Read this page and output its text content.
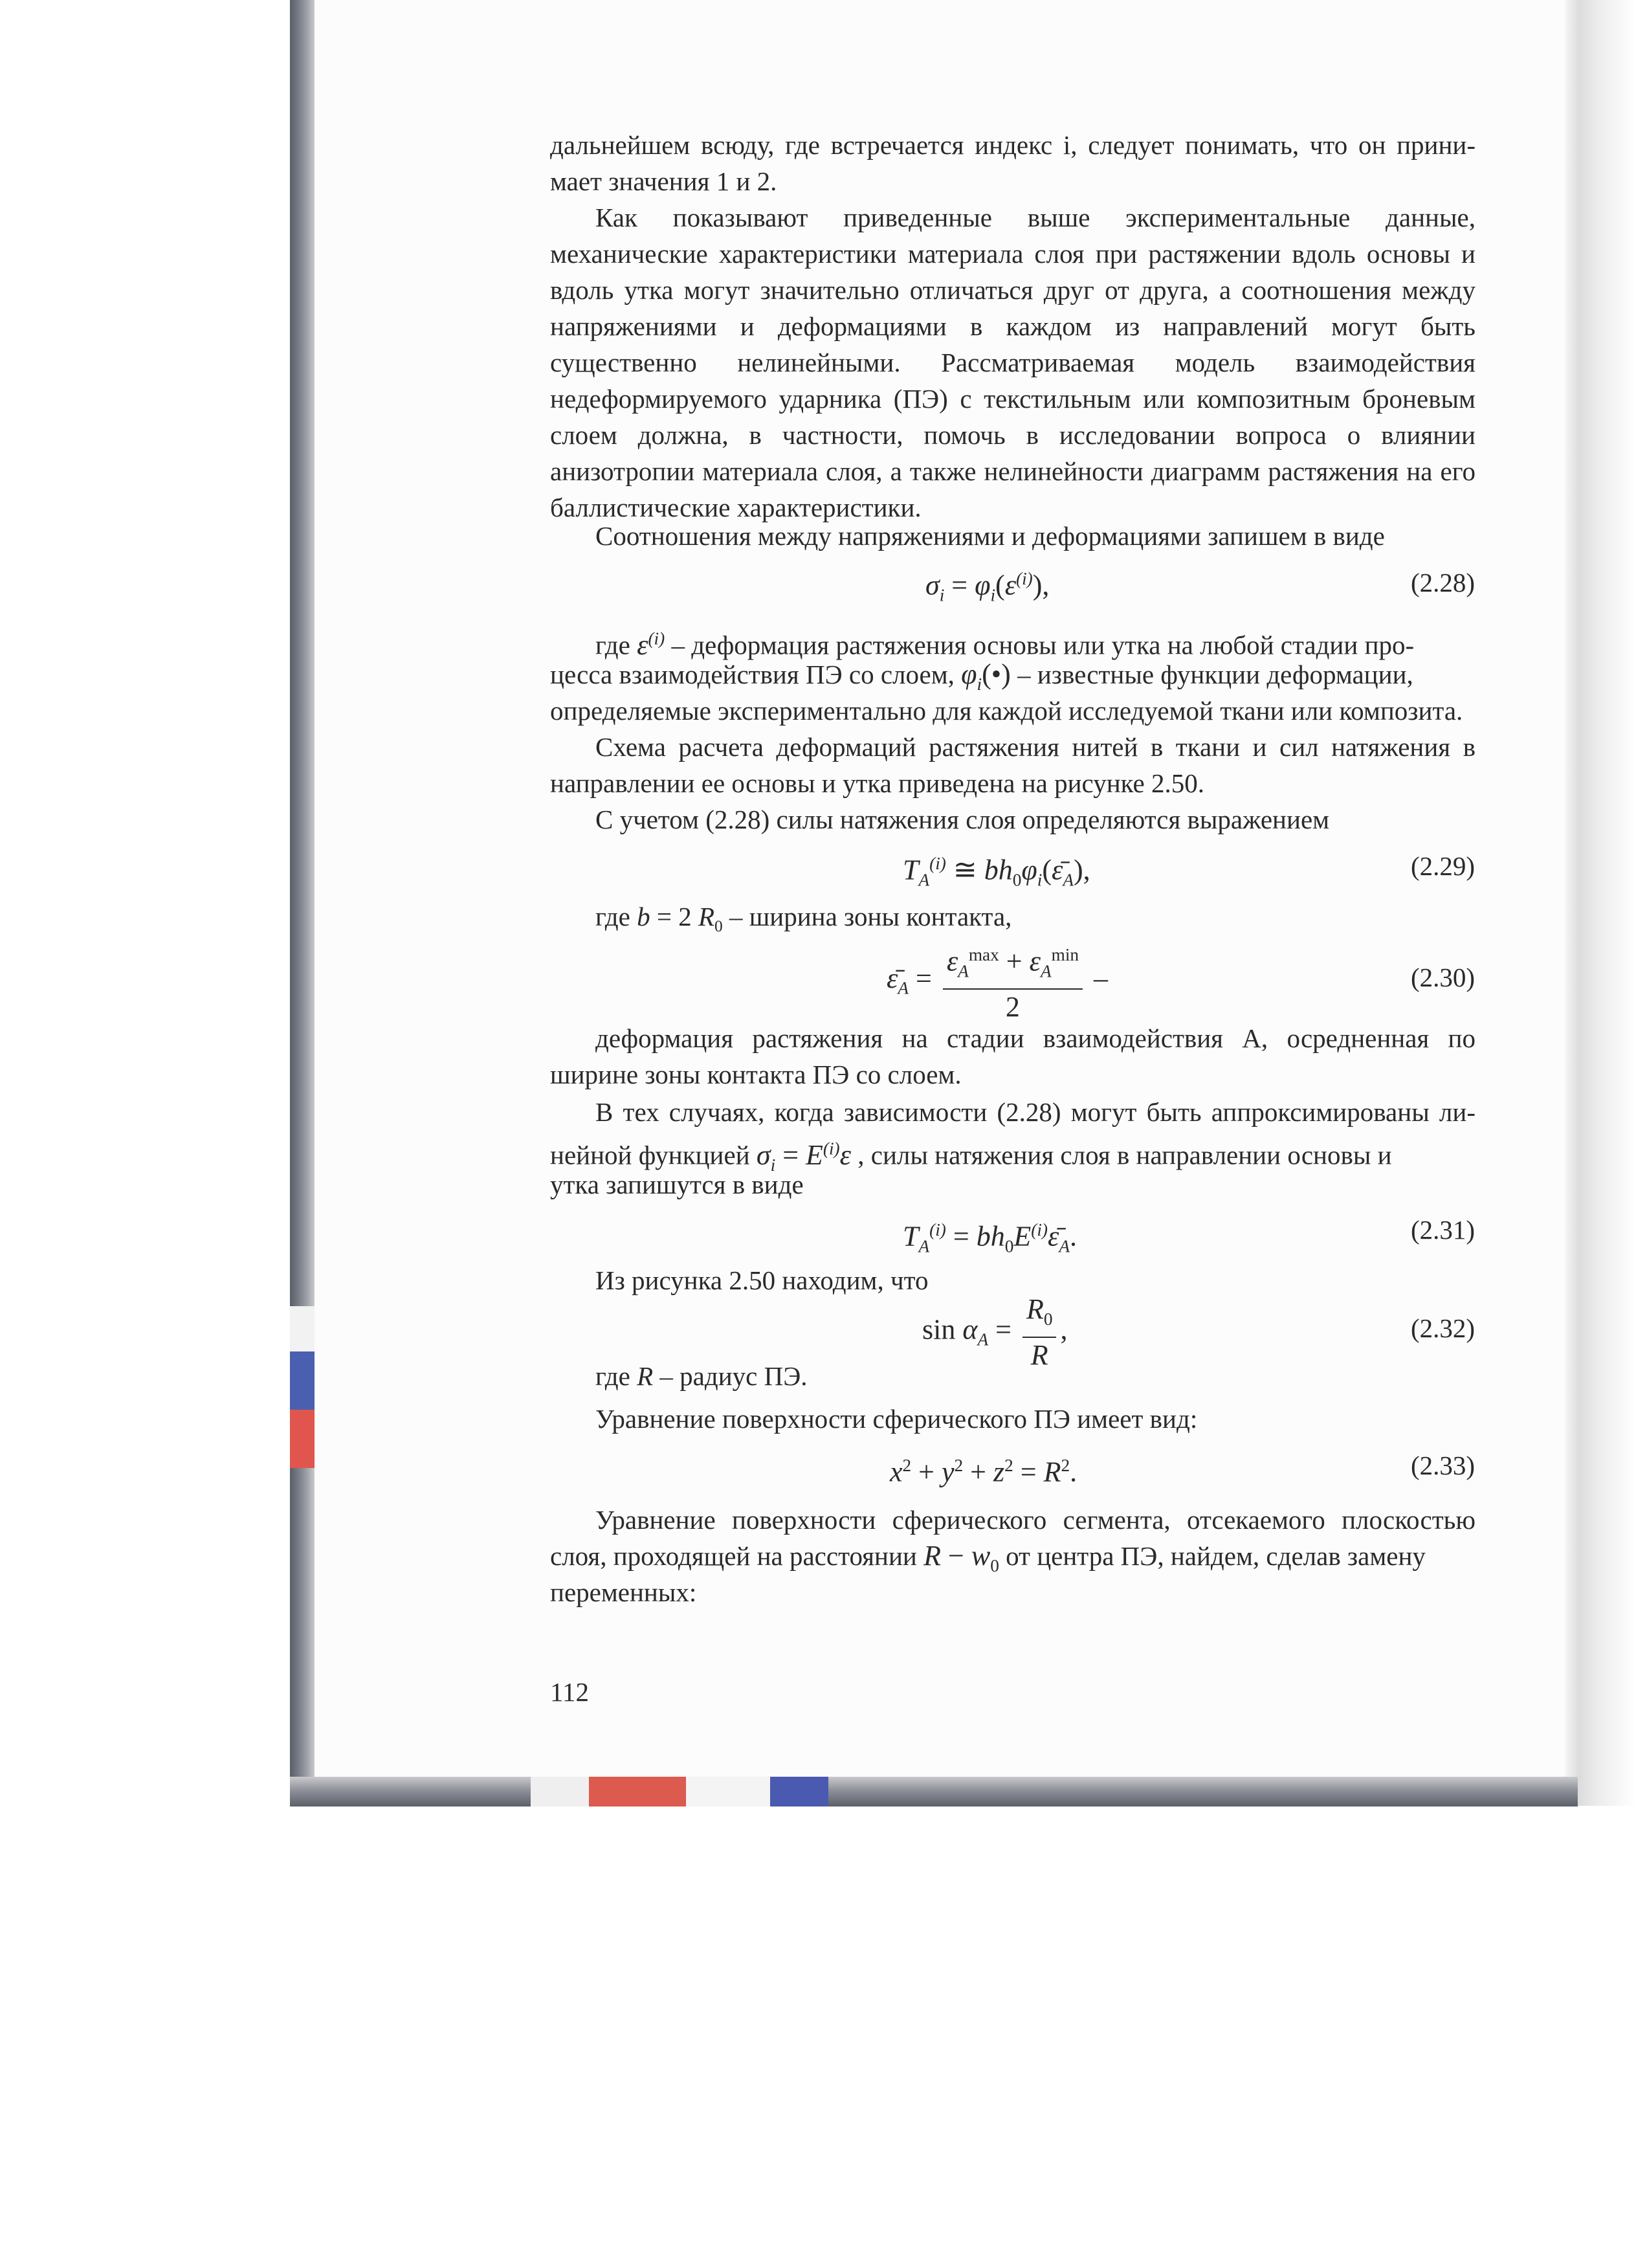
дальнейшем всюду, где встречается индекс i, следует понимать, что он прини-
мает значения 1 и 2.

Как показывают приведенные выше экспериментальные данные, механические характеристики материала слоя при растяжении вдоль основы и вдоль утка могут значительно отличаться друг от друга, а соотношения между напряжениями и деформациями в каждом из направлений могут быть существенно нелинейными. Рассматриваемая модель взаимодействия недеформируемого ударника (ПЭ) с текстильным или композитным броневым слоем должна, в частности, помочь в исследовании вопроса о влиянии анизотропии материала слоя, а также нелинейности диаграмм растяжения на его баллистические характеристики.

Соотношения между напряжениями и деформациями запишем в виде
$\sigma_i = \varphi_i(\varepsilon^{(i)})$,	(2.28)
где $\varepsilon^{(i)}$ – деформация растяжения основы или утка на любой стадии про-
цесса взаимодействия ПЭ со слоем, $\varphi_i(•)$ – известные функции деформации,
определяемые экспериментально для каждой исследуемой ткани или композита.

Схема расчета деформаций растяжения нитей в ткани и сил натяжения в направлении ее основы и утка приведена на рисунке 2.50.

С учетом (2.28) силы натяжения слоя определяются выражением
$T_A^{(i)}$ ≅ $bh_0\varphi_i(\varepsilon̄_A)$,	(2.29)
где b = 2 $R_0$ – ширина зоны контакта,
$\varepsilon̄_A = \frac{\varepsilon_A^{max} + \varepsilon_A^{min}}{2}$ –	(2.30)

деформация растяжения на стадии взаимодействия A, осредненная по ширине зоны контакта ПЭ со слоем.

В тех случаях, когда зависимости (2.28) могут быть аппроксимированы ли-
нейной функцией $\sigma_i = E^{(i)}\varepsilon$ , силы натяжения слоя в направлении основы и
утка запишутся в виде
$T_A^{(i)}$ = $bh_0E^{(i)}\varepsilon̄_A$.	(2.31)
Из рисунка 2.50 находим, что
$\sin \alpha_A = \frac{R_0}{R}$ ,	(2.32)
где R – радиус ПЭ.
Уравнение поверхности сферического ПЭ имеет вид:
$x^2 + y^2 + z^2 = R^2$.	(2.33)
Уравнение поверхности сферического сегмента, отсекаемого плоскостью
слоя, проходящей на расстоянии $R - w_0$ от центра ПЭ, найдем, сделав замену
переменных:
112
